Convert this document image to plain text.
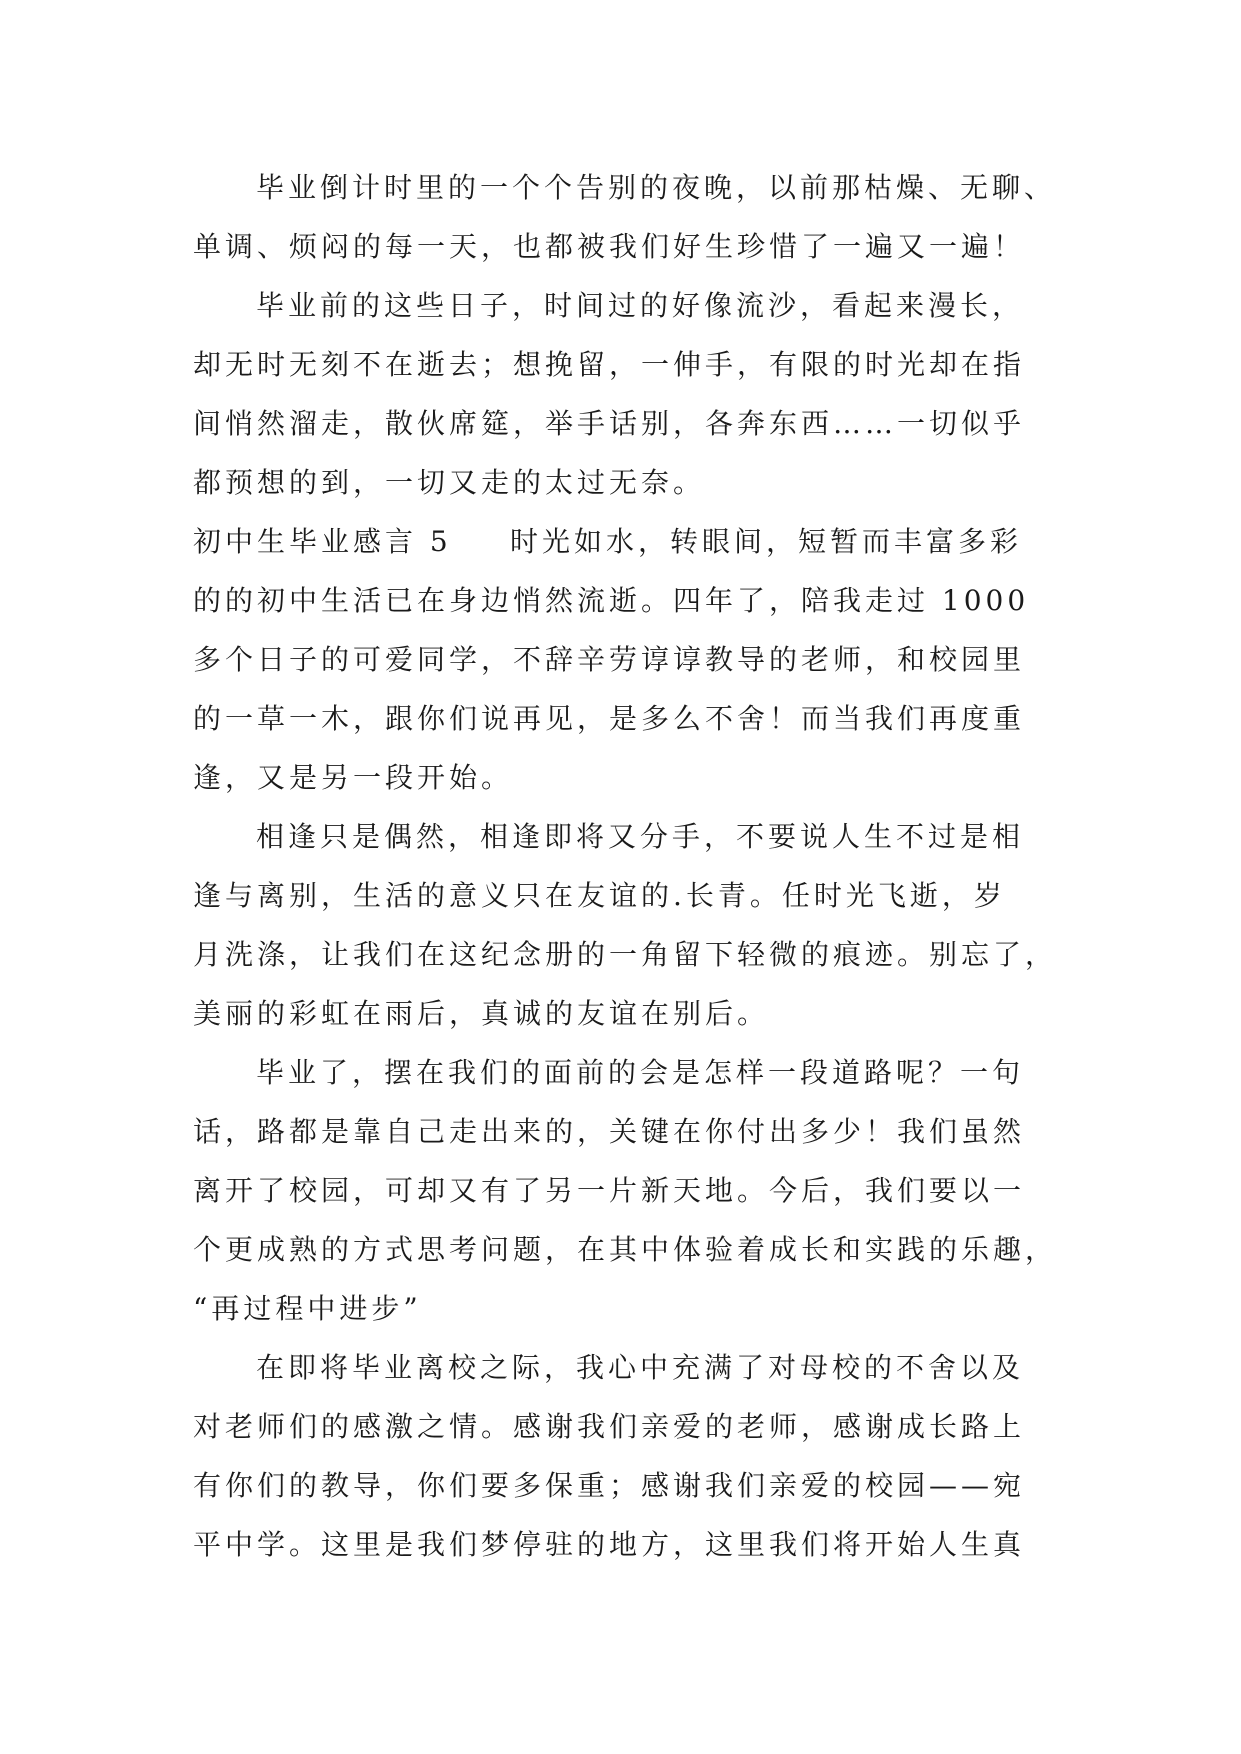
毕业倒计时里的一个个告别的夜晚，以前那枯燥、无聊、
单调、烦闷的每一天，也都被我们好生珍惜了一遍又一遍！
毕业前的这些日子，时间过的好像流沙，看起来漫长，
却无时无刻不在逝去；想挽留，一伸手，有限的时光却在指
间悄然溜走，散伙席筵，举手话别，各奔东西……一切似乎
都预想的到，一切又走的太过无奈。
初中生毕业感言 5 时光如水，转眼间，短暂而丰富多彩
的的初中生活已在身边悄然流逝。四年了，陪我走过 1000
多个日子的可爱同学，不辞辛劳谆谆教导的老师，和校园里
的一草一木，跟你们说再见，是多么不舍！而当我们再度重
逢，又是另一段开始。
相逢只是偶然，相逢即将又分手，不要说人生不过是相
逢与离别，生活的意义只在友谊的.长青。任时光飞逝，岁
月洗涤，让我们在这纪念册的一角留下轻微的痕迹。别忘了，
美丽的彩虹在雨后，真诚的友谊在别后。
毕业了，摆在我们的面前的会是怎样一段道路呢？一句
话，路都是靠自己走出来的，关键在你付出多少！我们虽然
离开了校园，可却又有了另一片新天地。今后，我们要以一
个更成熟的方式思考问题，在其中体验着成长和实践的乐趣，
“再过程中进步”
在即将毕业离校之际，我心中充满了对母校的不舍以及
对老师们的感激之情。感谢我们亲爱的老师，感谢成长路上
有你们的教导，你们要多保重；感谢我们亲爱的校园——宛
平中学。这里是我们梦停驻的地方，这里我们将开始人生真
